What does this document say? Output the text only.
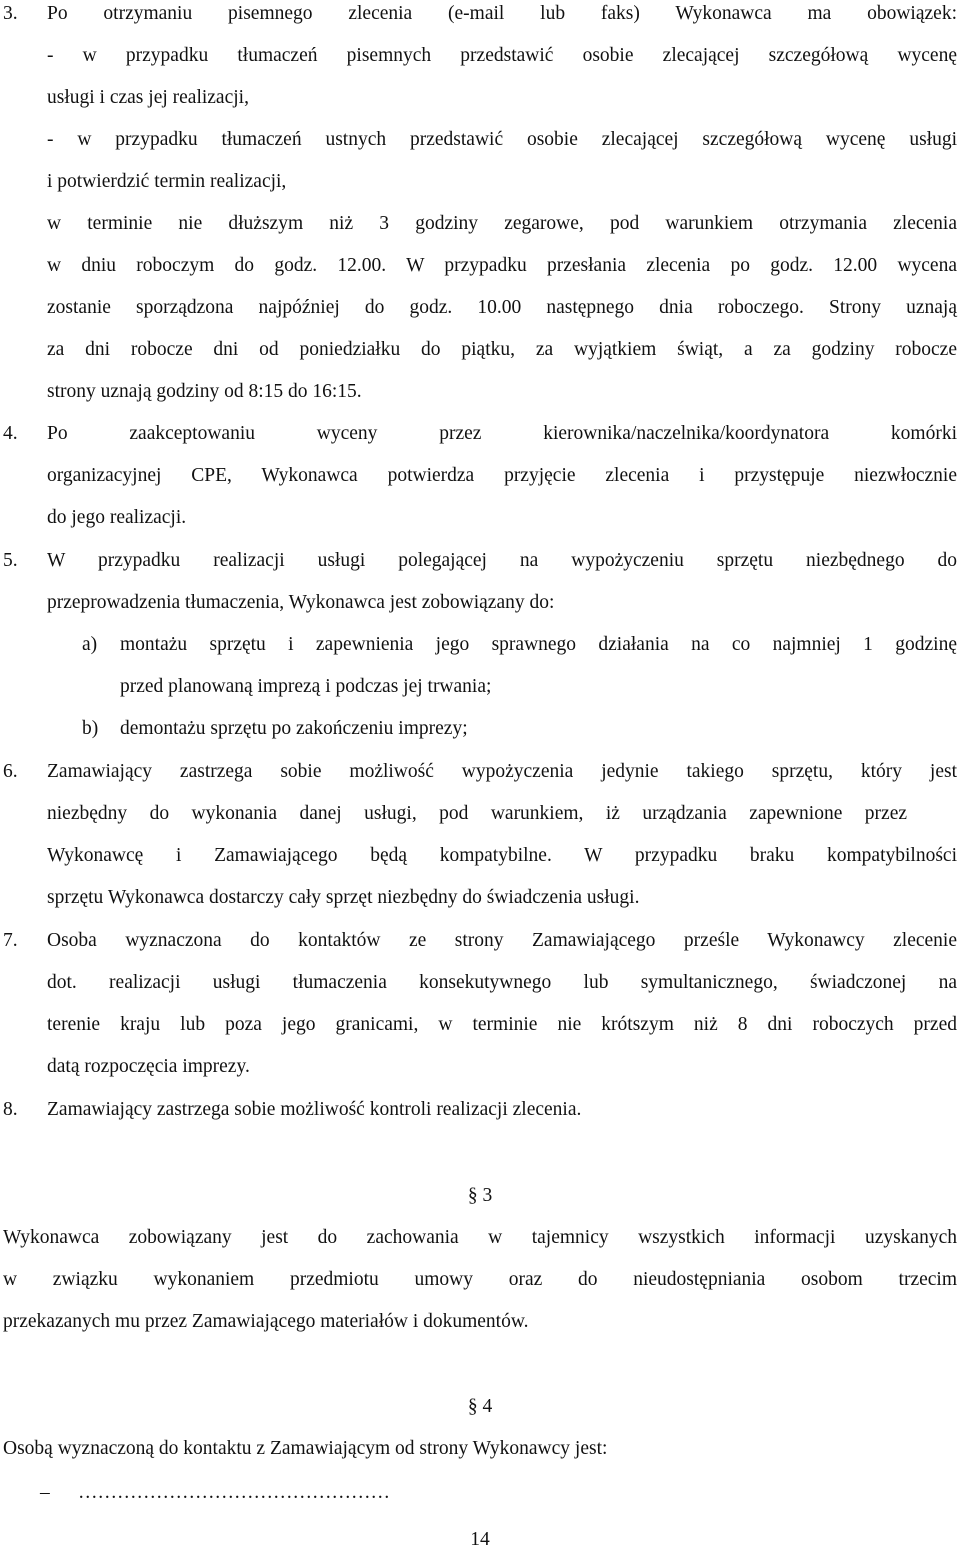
3. Po otrzymaniu pisemnego zlecenia (e-mail lub faks) Wykonawca ma obowiązek:
- w przypadku tłumaczeń pisemnych przedstawić osobie zlecającej szczegółową wycenę
usługi i czas jej realizacji,
- w przypadku tłumaczeń ustnych przedstawić osobie zlecającej szczegółową wycenę usługi
i potwierdzić termin realizacji,
w terminie nie dłuższym niż 3 godziny zegarowe, pod warunkiem otrzymania zlecenia
w dniu roboczym do godz. 12.00. W przypadku przesłania zlecenia po godz. 12.00 wycena
zostanie sporządzona najpóźniej do godz. 10.00 następnego dnia roboczego. Strony uznają
za dni robocze dni od poniedziałku do piątku, za wyjątkiem świąt, a za godziny robocze
strony uznają godziny od 8:15 do 16:15.
4. Po zaakceptowaniu wyceny przez kierownika/naczelnika/koordynatora komórki
organizacyjnej CPE, Wykonawca potwierdza przyjęcie zlecenia i przystępuje niezwłocznie
do jego realizacji.
5. W przypadku realizacji usługi polegającej na wypożyczeniu sprzętu niezbędnego do
przeprowadzenia tłumaczenia, Wykonawca jest zobowiązany do:
a) montażu sprzętu i zapewnienia jego sprawnego działania na co najmniej 1 godzinę
przed planowaną imprezą i podczas jej trwania;
b) demontażu sprzętu po zakończeniu imprezy;
6. Zamawiający zastrzega sobie możliwość wypożyczenia jedynie takiego sprzętu, który jest
niezbędny do wykonania danej usługi, pod warunkiem, iż urządzania zapewnione przez
Wykonawcę i Zamawiającego będą kompatybilne. W przypadku braku kompatybilności
sprzętu Wykonawca dostarczy cały sprzęt niezbędny do świadczenia usługi.
7. Osoba wyznaczona do kontaktów ze strony Zamawiającego prześle Wykonawcy zlecenie
dot. realizacji usługi tłumaczenia konsekutywnego lub symultanicznego, świadczonej na
terenie kraju lub poza jego granicami, w terminie nie krótszym niż 8 dni roboczych przed
datą rozpoczęcia imprezy.
8. Zamawiający zastrzega sobie możliwość kontroli realizacji zlecenia.
§ 3
Wykonawca zobowiązany jest do zachowania w tajemnicy wszystkich informacji uzyskanych
w związku wykonaniem przedmiotu umowy oraz do nieudostępniania osobom trzecim
przekazanych mu przez Zamawiającego materiałów i dokumentów.
§ 4
Osobą wyznaczoną do kontaktu z Zamawiającym od strony Wykonawcy jest:
– …………………………………………
14
